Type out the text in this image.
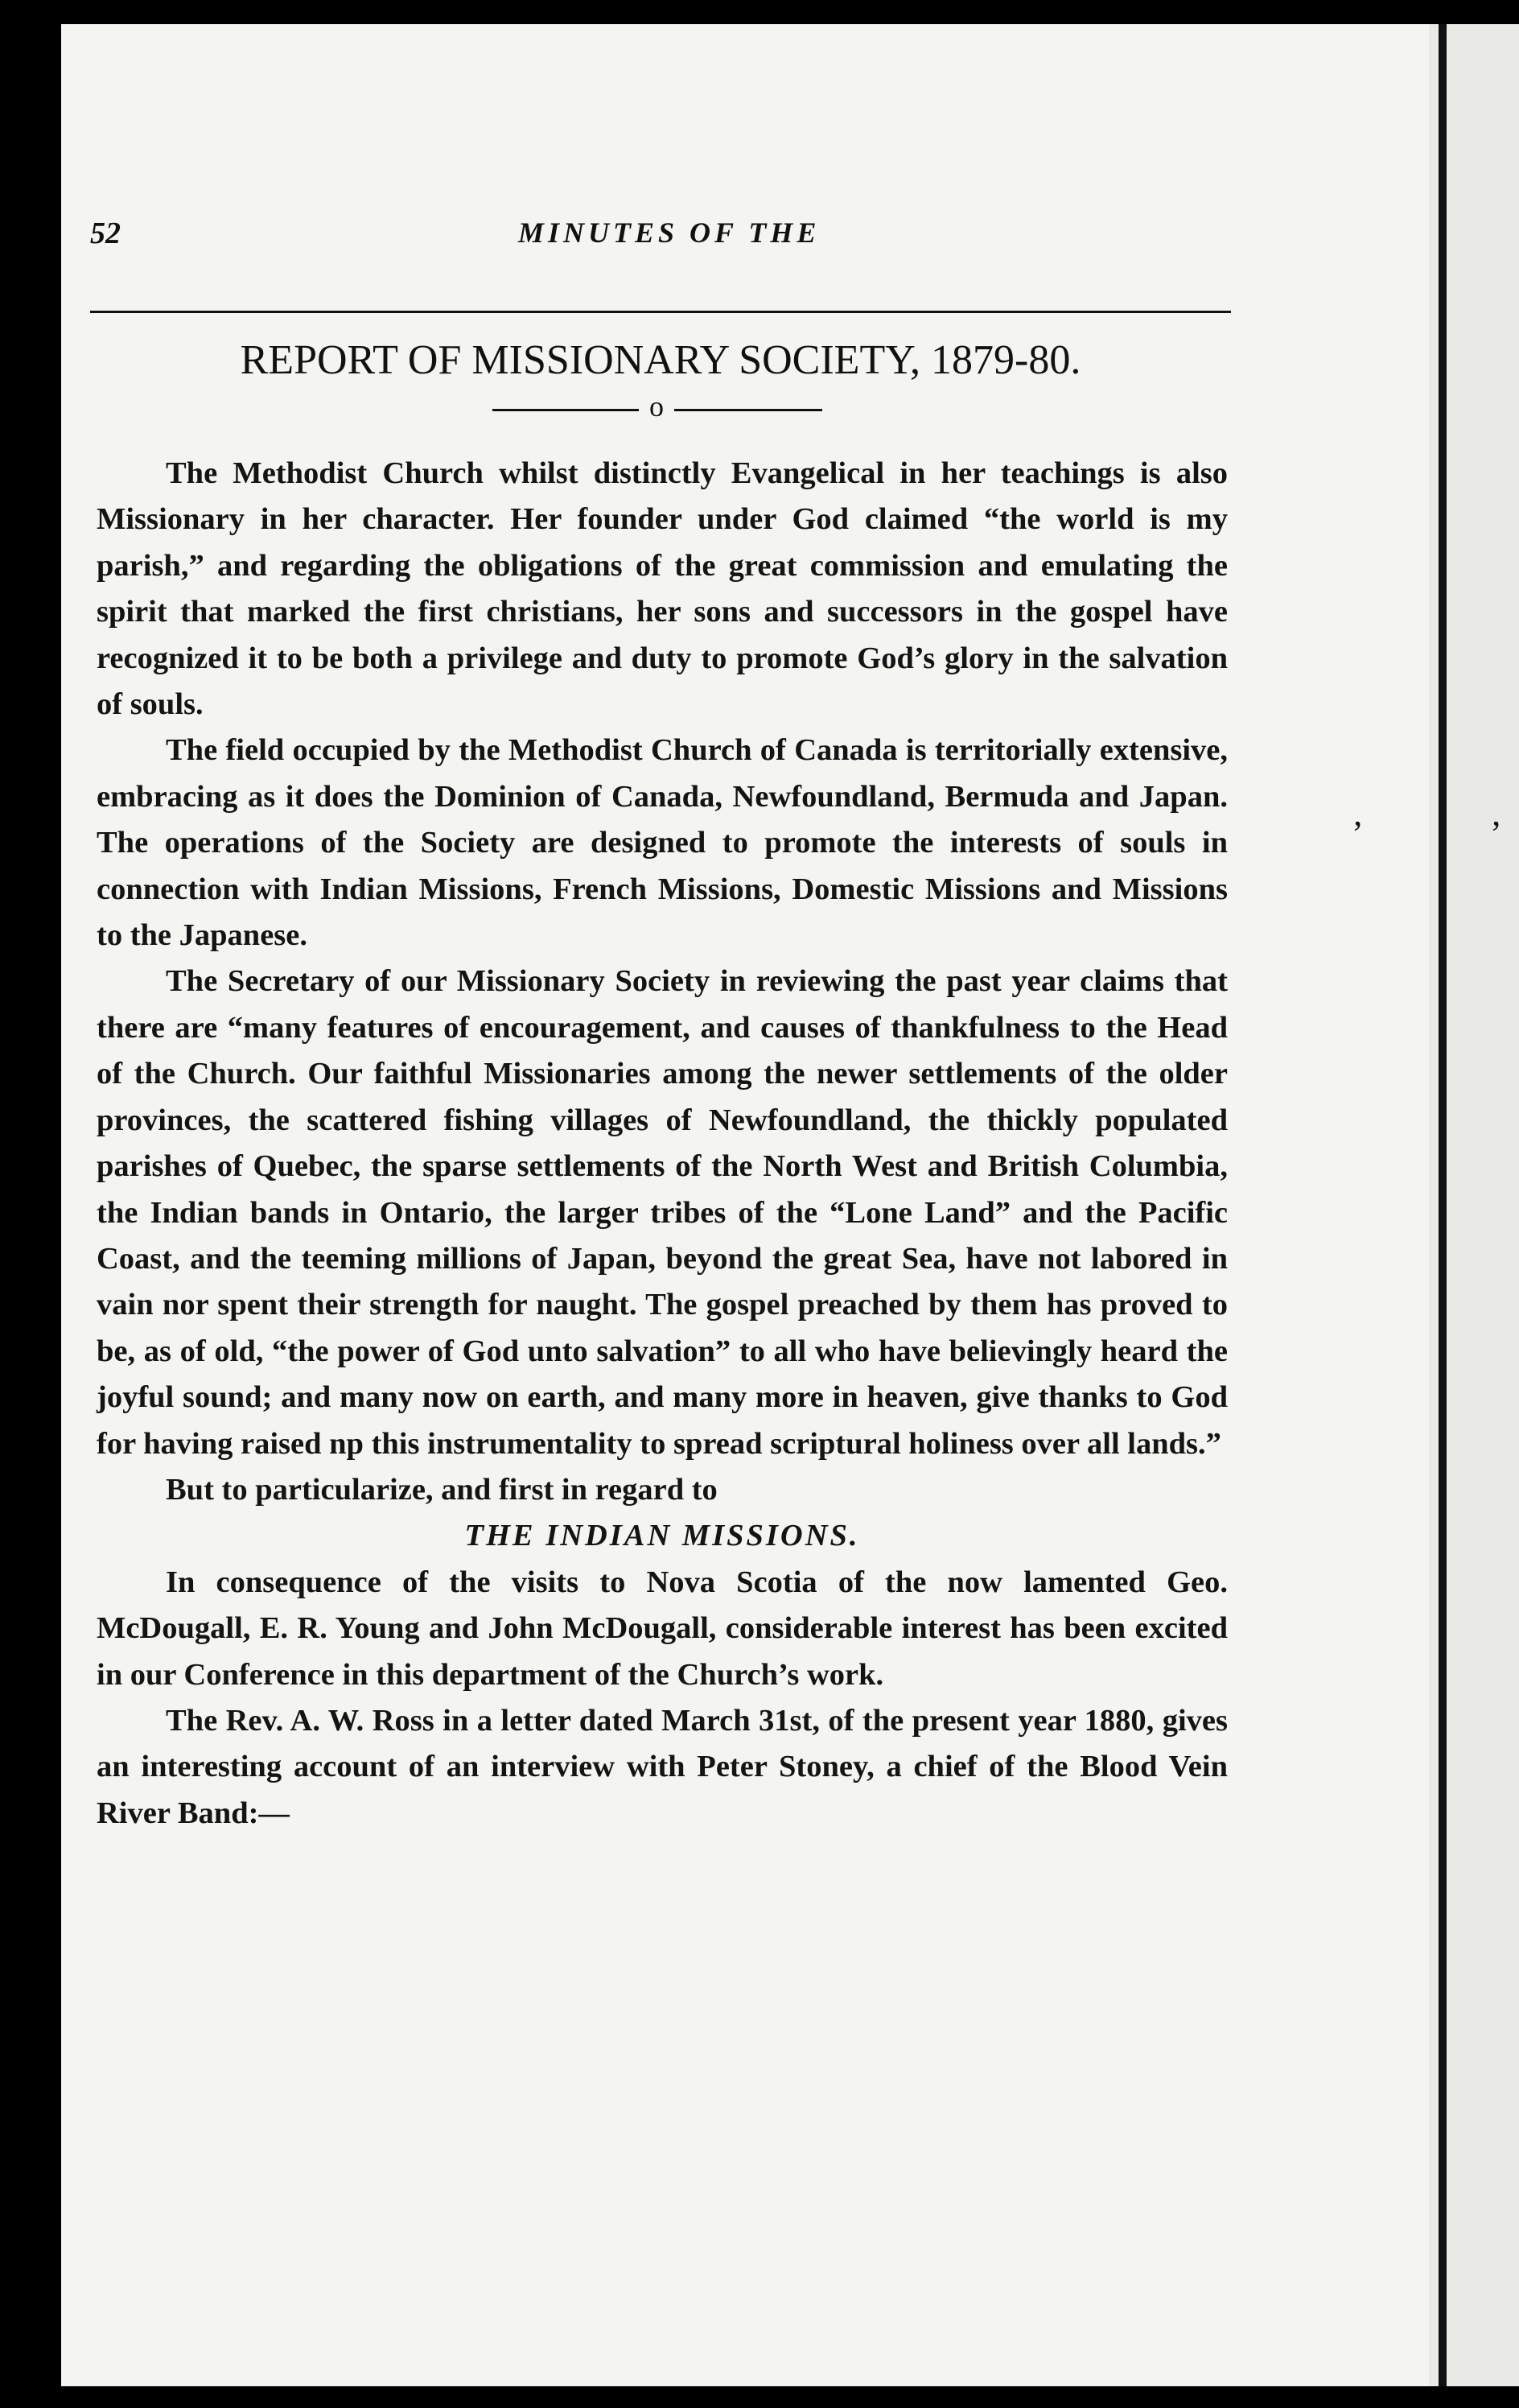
’	’
52	MINUTES OF THE
REPORT OF MISSIONARY SOCIETY, 1879-80.
o

The Methodist Church whilst distinctly Evangelical in her teachings is also Missionary in her character. Her founder under God claimed “the world is my parish,” and regarding the obligations of the great commission and emulating the spirit that marked the first christians, her sons and successors in the gospel have recognized it to be both a privilege and duty to promote God’s glory in the salvation of souls.

The field occupied by the Methodist Church of Canada is territorially extensive, embracing as it does the Dominion of Canada, Newfoundland, Bermuda and Japan. The operations of the Society are designed to promote the interests of souls in connection with Indian Missions, French Missions, Domestic Missions and Missions to the Japanese.

The Secretary of our Missionary Society in reviewing the past year claims that there are “many features of encouragement, and causes of thankfulness to the Head of the Church. Our faithful Missionaries among the newer settlements of the older provinces, the scattered fishing villages of Newfoundland, the thickly populated parishes of Quebec, the sparse settlements of the North West and British Columbia, the Indian bands in Ontario, the larger tribes of the “Lone Land” and the Pacific Coast, and the teeming millions of Japan, beyond the great Sea, have not labored in vain nor spent their strength for naught. The gospel preached by them has proved to be, as of old, “the power of God unto salvation” to all who have believingly heard the joyful sound; and many now on earth, and many more in heaven, give thanks to God for having raised np this instrumentality to spread scriptural holiness over all lands.”

But to particularize, and first in regard to

THE INDIAN MISSIONS.

In consequence of the visits to Nova Scotia of the now lamented Geo. McDougall, E. R. Young and John McDougall, considerable interest has been excited in our Conference in this department of the Church’s work.

The Rev. A. W. Ross in a letter dated March 31st, of the present year 1880, gives an interesting account of an interview with Peter Stoney, a chief of the Blood Vein River Band:—
